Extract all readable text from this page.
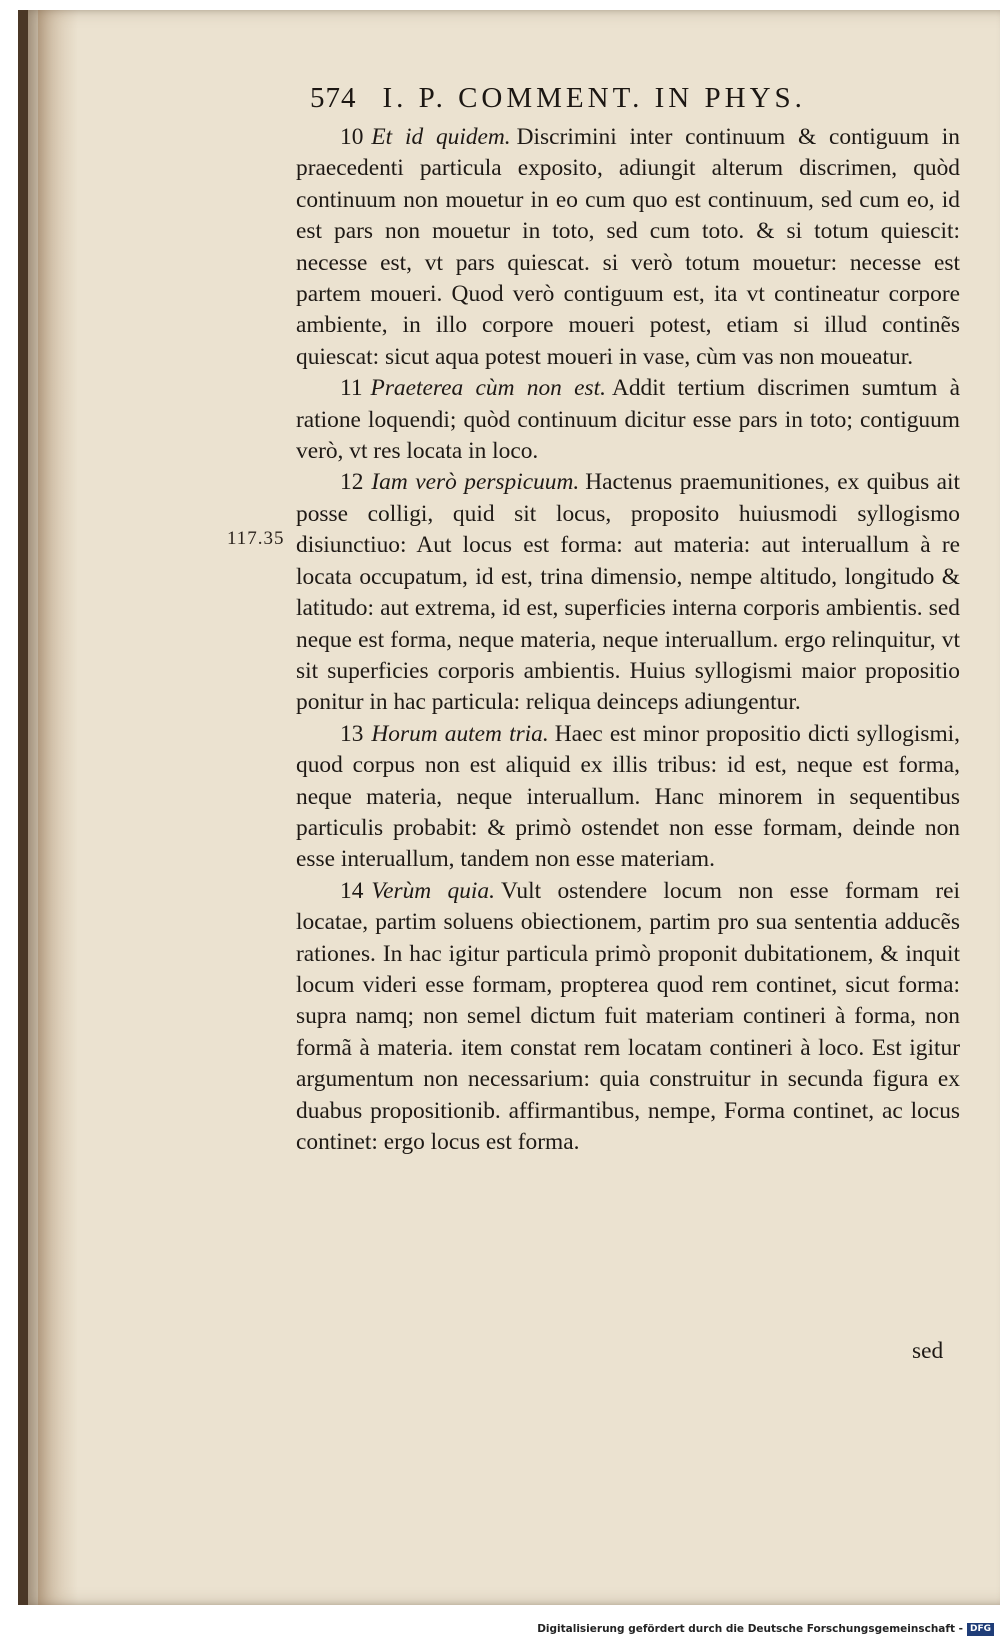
574 I. P. COMMENT. IN PHYS.
117.35

10 Et id quidem. Discrimini inter continuum & contiguum in praecedenti particula exposito, adiungit alterum discrimen, quòd continuum non mouetur in eo cum quo est continuum, sed cum eo, id est pars non mouetur in toto, sed cum toto. & si totum quiescit: necesse est, vt pars quiescat. si verò totum mouetur: necesse est partem moueri. Quod verò contiguum est, ita vt contineatur corpore ambiente, in illo corpore moueri potest, etiam si illud continẽs quiescat: sicut aqua potest moueri in vase, cùm vas non moueatur.

11 Praeterea cùm non est. Addit tertium discrimen sumtum à ratione loquendi; quòd continuum dicitur esse pars in toto; contiguum verò, vt res locata in loco.

12 Iam verò perspicuum. Hactenus praemunitiones, ex quibus ait posse colligi, quid sit locus, proposito huiusmodi syllogismo disiunctiuo: Aut locus est forma: aut materia: aut interuallum à re locata occupatum, id est, trina dimensio, nempe altitudo, longitudo & latitudo: aut extrema, id est, superficies interna corporis ambientis. sed neque est forma, neque materia, neque interuallum. ergo relinquitur, vt sit superficies corporis ambientis. Huius syllogismi maior propositio ponitur in hac particula: reliqua deinceps adiungentur.

13 Horum autem tria. Haec est minor propositio dicti syllogismi, quod corpus non est aliquid ex illis tribus: id est, neque est forma, neque materia, neque interuallum. Hanc minorem in sequentibus particulis probabit: & primò ostendet non esse formam, deinde non esse interuallum, tandem non esse materiam.

14 Verùm quia. Vult ostendere locum non esse formam rei locatae, partim soluens obiectionem, partim pro sua sententia adducẽs rationes. In hac igitur particula primò proponit dubitationem, & inquit locum videri esse formam, propterea quod rem continet, sicut forma: supra namq; non semel dictum fuit materiam contineri à forma, non formã à materia. item constat rem locatam contineri à loco. Est igitur argumentum non necessarium: quia construitur in secunda figura ex duabus propositionib. affirmantibus, nempe, Forma continet, ac locus continet: ergo locus est forma.

sed
Digitalisierung gefördert durch die Deutsche Forschungsgemeinschaft - DFG
